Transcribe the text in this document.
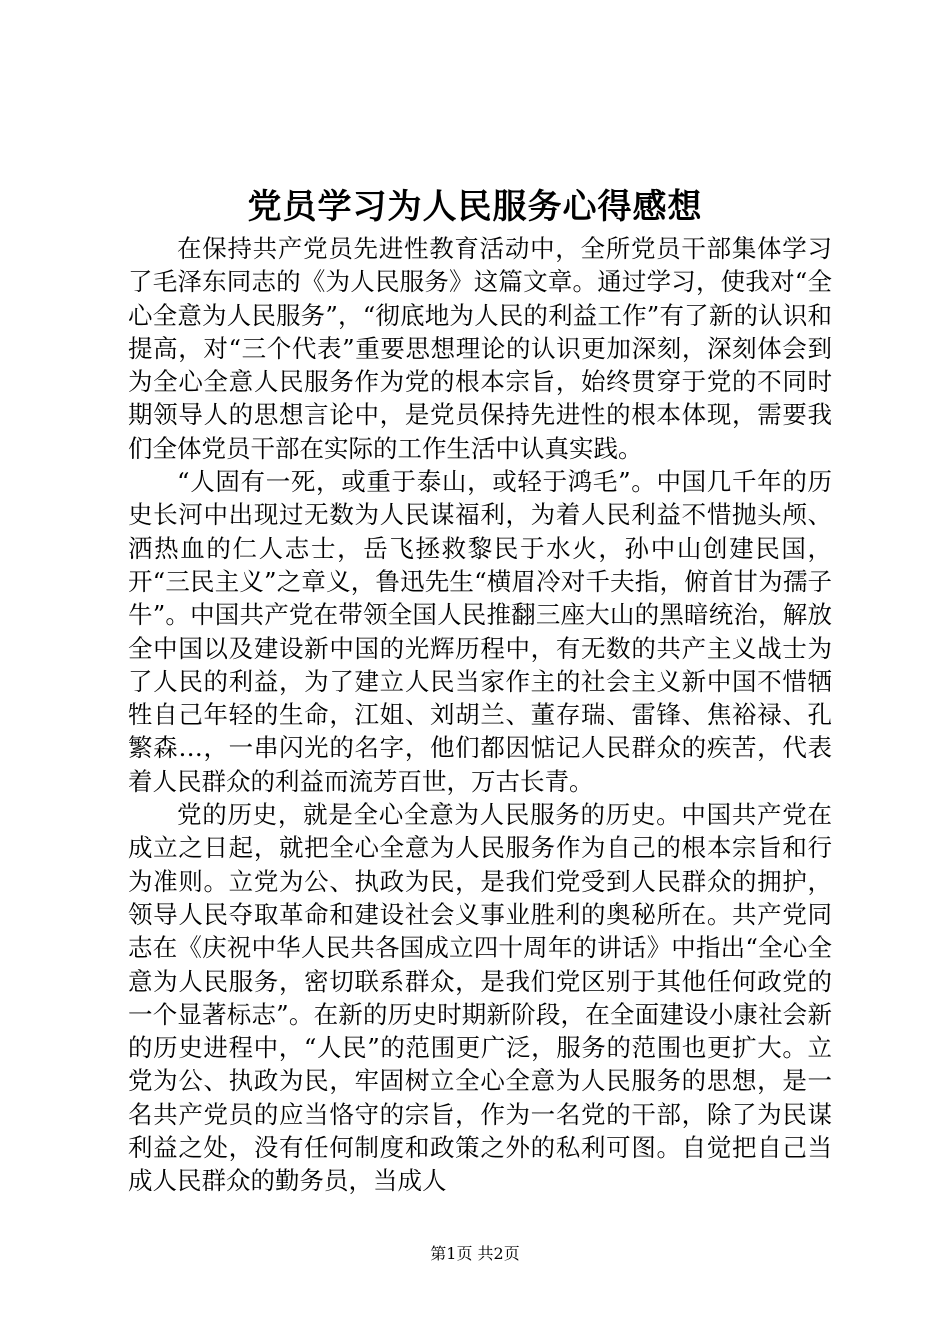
党员学习为人民服务心得感想

在保持共产党员先进性教育活动中，全所党员干部集体学习了毛泽东同志的《为人民服务》这篇文章。通过学习，使我对“全心全意为人民服务”，“彻底地为人民的利益工作”有了新的认识和提高，对“三个代表”重要思想理论的认识更加深刻，深刻体会到为全心全意人民服务作为党的根本宗旨，始终贯穿于党的不同时期领导人的思想言论中，是党员保持先进性的根本体现，需要我们全体党员干部在实际的工作生活中认真实践。

“人固有一死，或重于泰山，或轻于鸿毛”。中国几千年的历史长河中出现过无数为人民谋福利，为着人民利益不惜抛头颅、洒热血的仁人志士，岳飞拯救黎民于水火，孙中山创建民国，开“三民主义”之章义，鲁迅先生“横眉冷对千夫指，俯首甘为孺子牛”。中国共产党在带领全国人民推翻三座大山的黑暗统治，解放全中国以及建设新中国的光辉历程中，有无数的共产主义战士为了人民的利益，为了建立人民当家作主的社会主义新中国不惜牺牲自己年轻的生命，江姐、刘胡兰、董存瑞、雷锋、焦裕禄、孔繁森…，一串闪光的名字，他们都因惦记人民群众的疾苦，代表着人民群众的利益而流芳百世，万古长青。

党的历史，就是全心全意为人民服务的历史。中国共产党在成立之日起，就把全心全意为人民服务作为自己的根本宗旨和行为准则。立党为公、执政为民，是我们党受到人民群众的拥护，领导人民夺取革命和建设社会义事业胜利的奥秘所在。共产党同志在《庆祝中华人民共各国成立四十周年的讲话》中指出“全心全意为人民服务，密切联系群众，是我们党区别于其他任何政党的一个显著标志”。在新的历史时期新阶段，在全面建设小康社会新的历史进程中，“人民”的范围更广泛，服务的范围也更扩大。立党为公、执政为民，牢固树立全心全意为人民服务的思想，是一名共产党员的应当恪守的宗旨，作为一名党的干部，除了为民谋利益之处，没有任何制度和政策之外的私利可图。自觉把自己当成人民群众的勤务员，当成人

第1页 共2页
